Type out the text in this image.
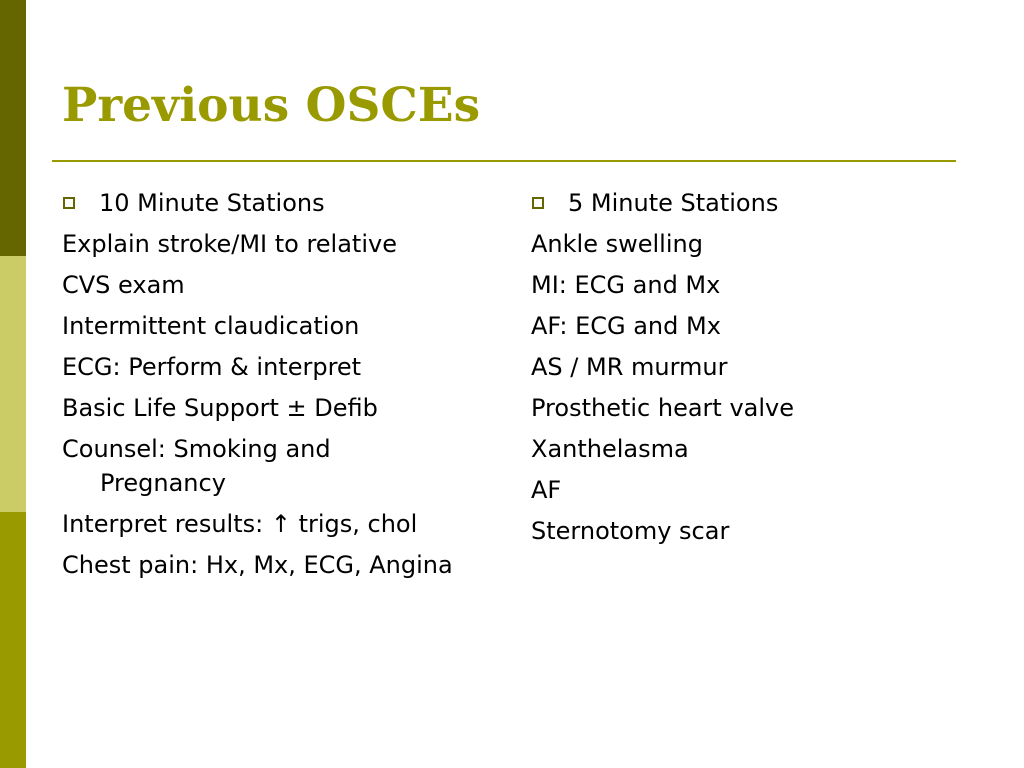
Previous OSCEs
10 Minute Stations
Explain stroke/MI to relative
CVS exam
Intermittent claudication
ECG: Perform & interpret
Basic Life Support ± Defib
Counsel: Smoking and Pregnancy
Interpret results: ↑ trigs, chol
Chest pain: Hx, Mx, ECG, Angina
5 Minute Stations
Ankle swelling
MI: ECG and Mx
AF: ECG and Mx
AS / MR murmur
Prosthetic heart valve
Xanthelasma
AF
Sternotomy scar
